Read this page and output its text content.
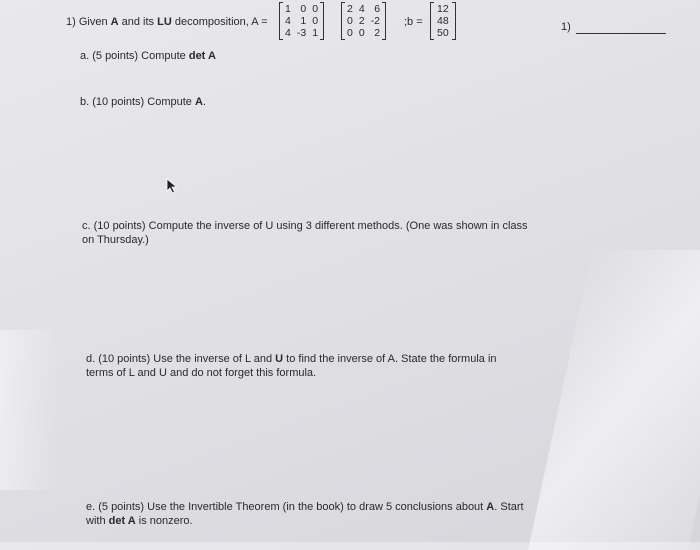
1) Given A and its LU decomposition, A =
1	0	0
4	1	0
4	-3	1
2	4	6
0	2	-2
0	0	2
;b =
12
48
50	1)
a. (5 points) Compute det A
b. (10 points) Compute A.
c. (10 points) Compute the inverse of U using 3 different methods. (One was shown in class on Thursday.)
d. (10 points) Use the inverse of L and U to find the inverse of A. State the formula in terms of L and U and do not forget this formula.
e. (5 points) Use the Invertible Theorem (in the book) to draw 5 conclusions about A. Start with det A is nonzero.
